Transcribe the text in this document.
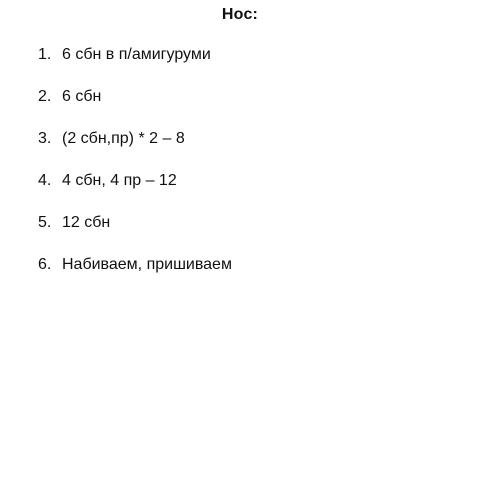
Нос:
1. 6 сбн в п/амигуруми
2. 6 сбн
3. (2 сбн,пр) * 2 – 8
4. 4 сбн, 4 пр – 12
5. 12 сбн
6. Набиваем, пришиваем
